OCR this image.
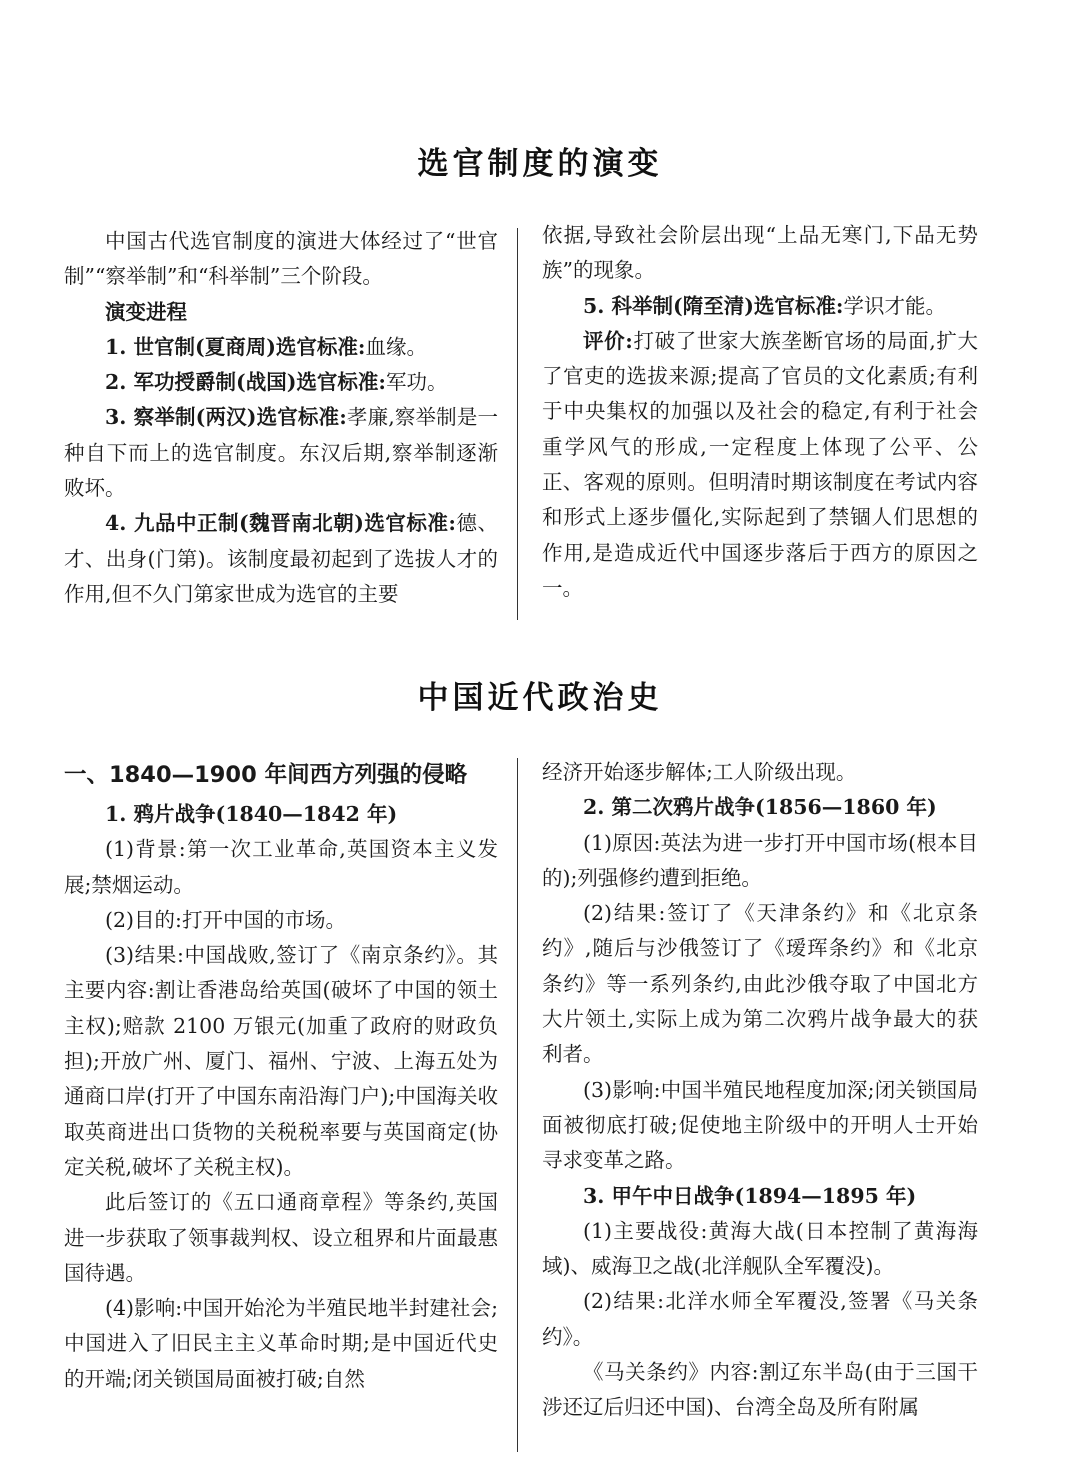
选官制度的演变

中国古代选官制度的演进大体经过了“世官制”“察举制”和“科举制”三个阶段。

演变进程

1. 世官制(夏商周)选官标准:血缘。

2. 军功授爵制(战国)选官标准:军功。

3. 察举制(两汉)选官标准:孝廉,察举制是一种自下而上的选官制度。东汉后期,察举制逐渐败坏。

4. 九品中正制(魏晋南北朝)选官标准:德、才、出身(门第)。该制度最初起到了选拔人才的作用,但不久门第家世成为选官的主要

依据,导致社会阶层出现“上品无寒门,下品无势族”的现象。

5. 科举制(隋至清)选官标准:学识才能。

评价:打破了世家大族垄断官场的局面,扩大了官吏的选拔来源;提高了官员的文化素质;有利于中央集权的加强以及社会的稳定,有利于社会重学风气的形成,一定程度上体现了公平、公正、客观的原则。但明清时期该制度在考试内容和形式上逐步僵化,实际起到了禁锢人们思想的作用,是造成近代中国逐步落后于西方的原因之一。

中国近代政治史
一、1840—1900 年间西方列强的侵略

1. 鸦片战争(1840—1842 年)

(1)背景:第一次工业革命,英国资本主义发展;禁烟运动。

(2)目的:打开中国的市场。

(3)结果:中国战败,签订了《南京条约》。其主要内容:割让香港岛给英国(破坏了中国的领土主权);赔款 2100 万银元(加重了政府的财政负担);开放广州、厦门、福州、宁波、上海五处为通商口岸(打开了中国东南沿海门户);中国海关收取英商进出口货物的关税税率要与英国商定(协定关税,破坏了关税主权)。

此后签订的《五口通商章程》等条约,英国进一步获取了领事裁判权、设立租界和片面最惠国待遇。

(4)影响:中国开始沦为半殖民地半封建社会;中国进入了旧民主主义革命时期;是中国近代史的开端;闭关锁国局面被打破;自然

经济开始逐步解体;工人阶级出现。

2. 第二次鸦片战争(1856—1860 年)

(1)原因:英法为进一步打开中国市场(根本目的);列强修约遭到拒绝。

(2)结果:签订了《天津条约》和《北京条约》,随后与沙俄签订了《瑷珲条约》和《北京条约》等一系列条约,由此沙俄夺取了中国北方大片领土,实际上成为第二次鸦片战争最大的获利者。

(3)影响:中国半殖民地程度加深;闭关锁国局面被彻底打破;促使地主阶级中的开明人士开始寻求变革之路。

3. 甲午中日战争(1894—1895 年)

(1)主要战役:黄海大战(日本控制了黄海海域)、威海卫之战(北洋舰队全军覆没)。

(2)结果:北洋水师全军覆没,签署《马关条约》。

《马关条约》内容:割辽东半岛(由于三国干涉还辽后归还中国)、台湾全岛及所有附属
